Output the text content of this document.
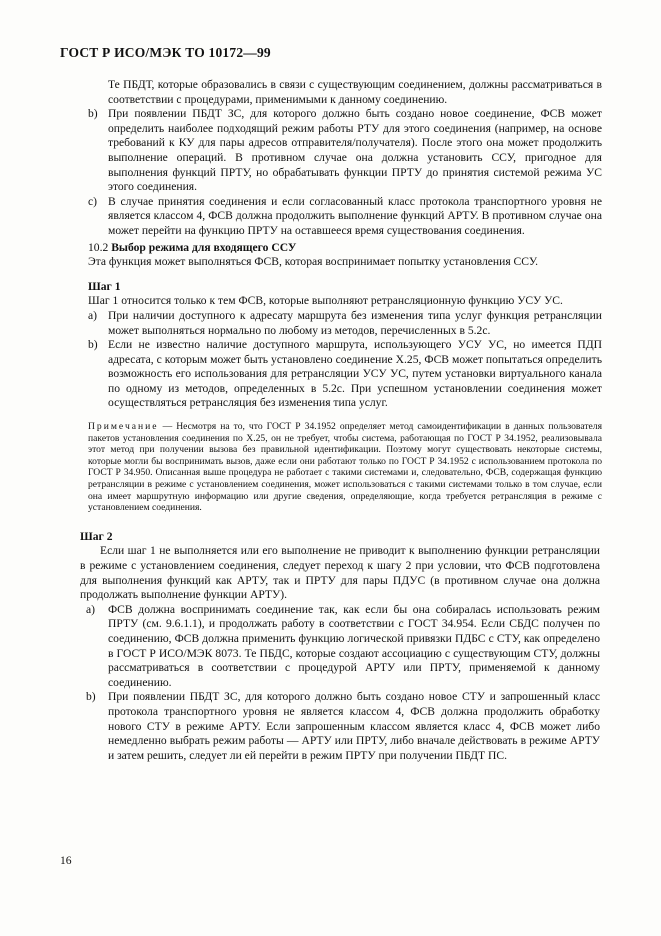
ГОСТ Р ИСО/МЭК ТО 10172—99

Те ПБДТ, которые образовались в связи с существующим соединением, должны рассматриваться в соответствии с процедурами, применимыми к данному соединению.

b) При появлении ПБДТ ЗС, для которого должно быть создано новое соединение, ФСВ может определить наиболее подходящий режим работы РТУ для этого соединения (например, на основе требований к КУ для пары адресов отправителя/получателя). После этого она может продолжить выполнение операций. В противном случае она должна установить ССУ, пригодное для выполнения функций ПРТУ, но обрабатывать функции ПРТУ до принятия системой режима УС этого соединения.

c) В случае принятия соединения и если согласованный класс протокола транспортного уровня не является классом 4, ФСВ должна продолжить выполнение функций АРТУ. В противном случае она может перейти на функцию ПРТУ на оставшееся время существования соединения.

10.2 Выбор режима для входящего ССУ

Эта функция может выполняться ФСВ, которая воспринимает попытку установления ССУ.

Шаг 1

Шаг 1 относится только к тем ФСВ, которые выполняют ретрансляционную функцию УСУ УС.

a) При наличии доступного к адресату маршрута без изменения типа услуг функция ретрансляции может выполняться нормально по любому из методов, перечисленных в 5.2с.

b) Если не известно наличие доступного маршрута, использующего УСУ УС, но имеется ПДП адресата, с которым может быть установлено соединение Х.25, ФСВ может попытаться определить возможность его использования для ретрансляции УСУ УС, путем установки виртуального канала по одному из методов, определенных в 5.2с. При успешном установлении соединения может осуществляться ретрансляция без изменения типа услуг.

Примечание — Несмотря на то, что ГОСТ Р 34.1952 определяет метод самоидентификации в данных пользователя пакетов установления соединения по Х.25, он не требует, чтобы система, работающая по ГОСТ Р 34.1952, реализовывала этот метод при получении вызова без правильной идентификации. Поэтому могут существовать некоторые системы, которые могли бы воспринимать вызов, даже если они работают только по ГОСТ Р 34.1952 с использованием протокола по ГОСТ Р 34.950. Описанная выше процедура не работает с такими системами и, следовательно, ФСВ, содержащая функцию ретрансляции в режиме с установлением соединения, может использоваться с такими системами только в том случае, если она имеет маршрутную информацию или другие сведения, определяющие, когда требуется ретрансляция в режиме с установлением соединения.

Шаг 2

Если шаг 1 не выполняется или его выполнение не приводит к выполнению функции ретрансляции в режиме с установлением соединения, следует переход к шагу 2 при условии, что ФСВ подготовлена для выполнения функций как АРТУ, так и ПРТУ для пары ПДУС (в противном случае она должна продолжать выполнение функции АРТУ).

a) ФСВ должна воспринимать соединение так, как если бы она собиралась использовать режим ПРТУ (см. 9.6.1.1), и продолжать работу в соответствии с ГОСТ 34.954. Если СБДС получен по соединению, ФСВ должна применить функцию логической привязки ПДБС с СТУ, как определено в ГОСТ Р ИСО/МЭК 8073. Те ПБДС, которые создают ассоциацию с существующим СТУ, должны рассматриваться в соответствии с процедурой АРТУ или ПРТУ, применяемой к данному соединению.

b) При появлении ПБДТ ЗС, для которого должно быть создано новое СТУ и запрошенный класс протокола транспортного уровня не является классом 4, ФСВ должна продолжить обработку нового СТУ в режиме АРТУ. Если запрошенным классом является класс 4, ФСВ может либо немедленно выбрать режим работы — АРТУ или ПРТУ, либо вначале действовать в режиме АРТУ и затем решить, следует ли ей перейти в режим ПРТУ при получении ПБДТ ПС.

16
